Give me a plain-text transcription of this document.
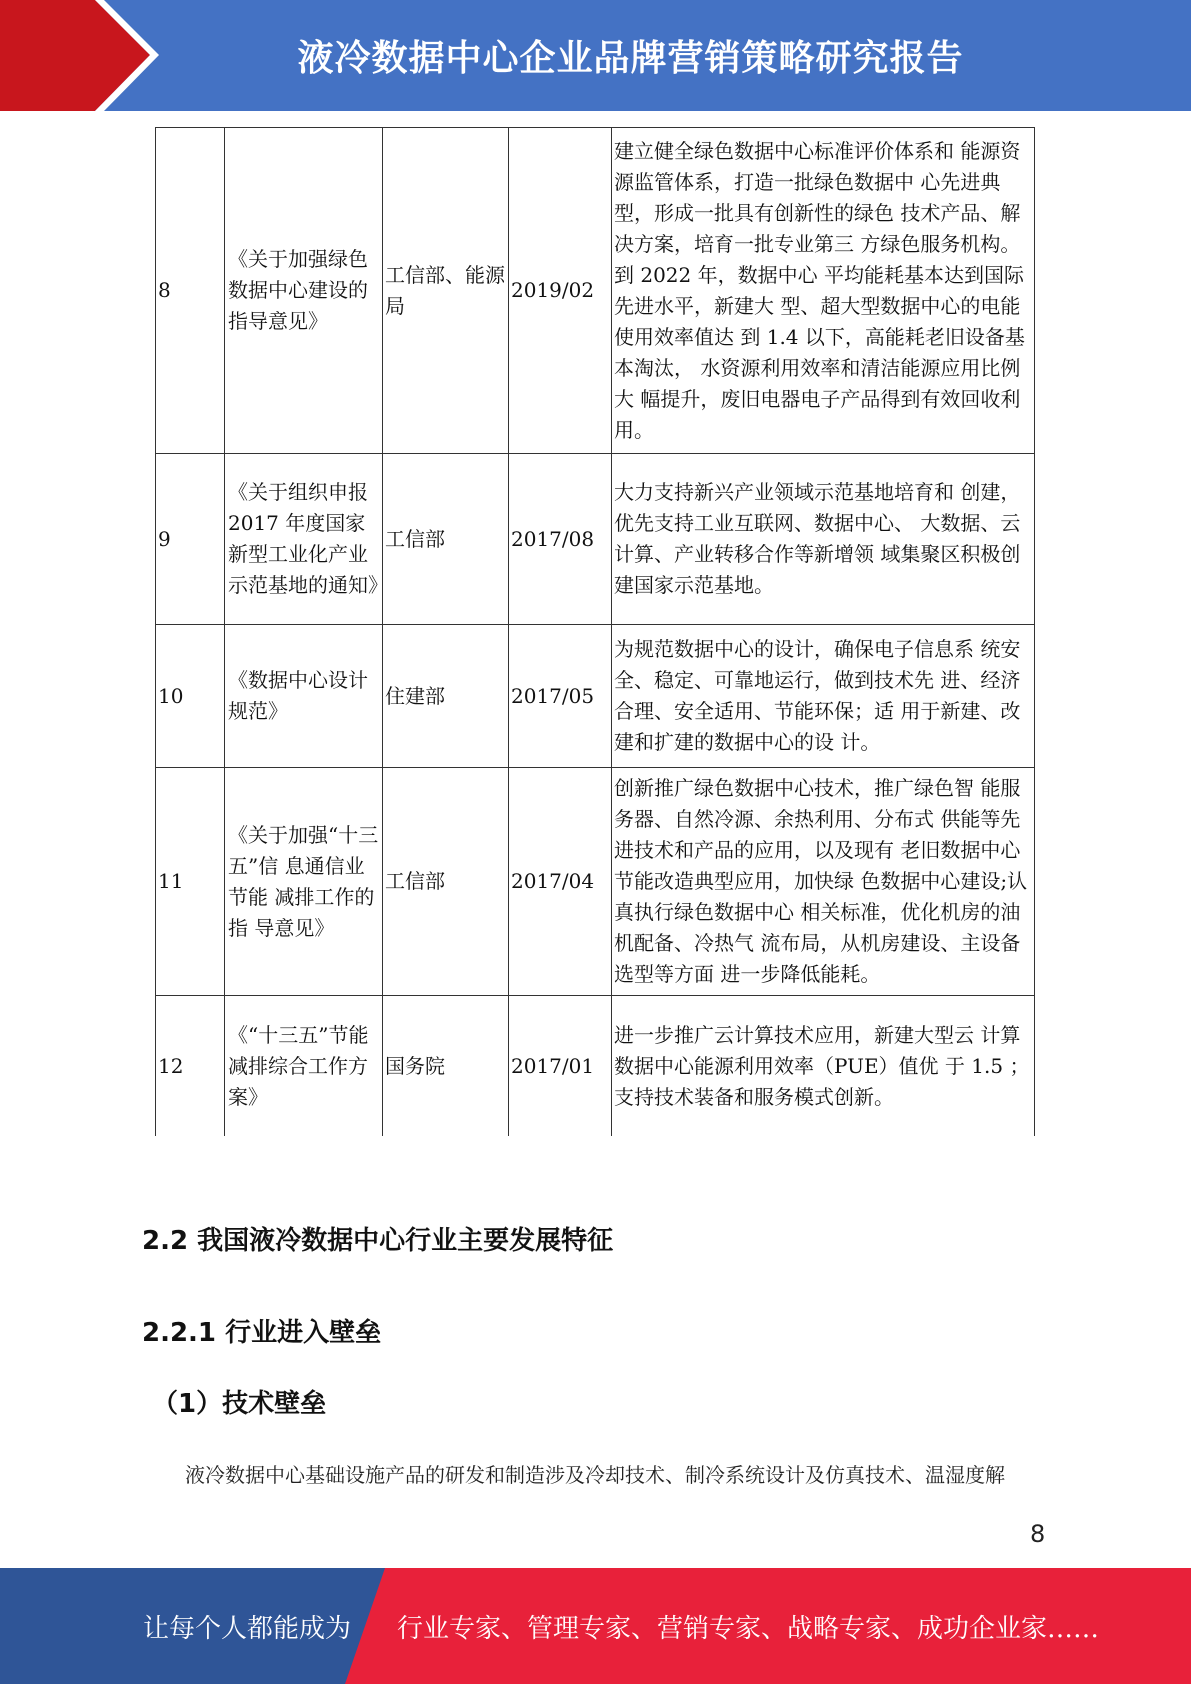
液冷数据中心企业品牌营销策略研究报告
8	《关于加强绿色数据中心建设的指导意见》	工信部、能源局	2019/02	建立健全绿色数据中心标准评价体系和 能源资源监管体系，打造一批绿色数据中 心先进典型，形成一批具有创新性的绿色 技术产品、解决方案，培育一批专业第三 方绿色服务机构。到 2022 年，数据中心 平均能耗基本达到国际先进水平，新建大 型、超大型数据中心的电能使用效率值达 到 1.4 以下，高能耗老旧设备基本淘汰， 水资源利用效率和清洁能源应用比例大 幅提升，废旧电器电子产品得到有效回收利用。
9	《关于组织申报 2017 年度国家新型工业化产业示范基地的通知》	工信部	2017/08	大力支持新兴产业领域示范基地培育和 创建，优先支持工业互联网、数据中心、 大数据、云计算、产业转移合作等新增领 域集聚区积极创建国家示范基地。
10	《数据中心设计规范》	住建部	2017/05	为规范数据中心的设计，确保电子信息系 统安全、稳定、可靠地运行，做到技术先 进、经济合理、安全适用、节能环保；适 用于新建、改建和扩建的数据中心的设 计。
11	《关于加强“十三五”信 息通信业节能 减排工作的指 导意见》	工信部	2017/04	创新推广绿色数据中心技术，推广绿色智 能服务器、自然冷源、余热利用、分布式 供能等先进技术和产品的应用，以及现有 老旧数据中心节能改造典型应用，加快绿 色数据中心建设;认真执行绿色数据中心 相关标准，优化机房的油机配备、冷热气 流布局，从机房建设、主设备选型等方面 进一步降低能耗。
12	《“十三五”节能减排综合工作方案》	国务院	2017/01	进一步推广云计算技术应用，新建大型云 计算数据中心能源利用效率（PUE）值优 于 1.5 ；支持技术装备和服务模式创新。
2.2 我国液冷数据中心行业主要发展特征
2.2.1 行业进入壁垒
（1）技术壁垒
液冷数据中心基础设施产品的研发和制造涉及冷却技术、制冷系统设计及仿真技术、温湿度解
8
让每个人都能成为 行业专家、管理专家、营销专家、战略专家、成功企业家……
